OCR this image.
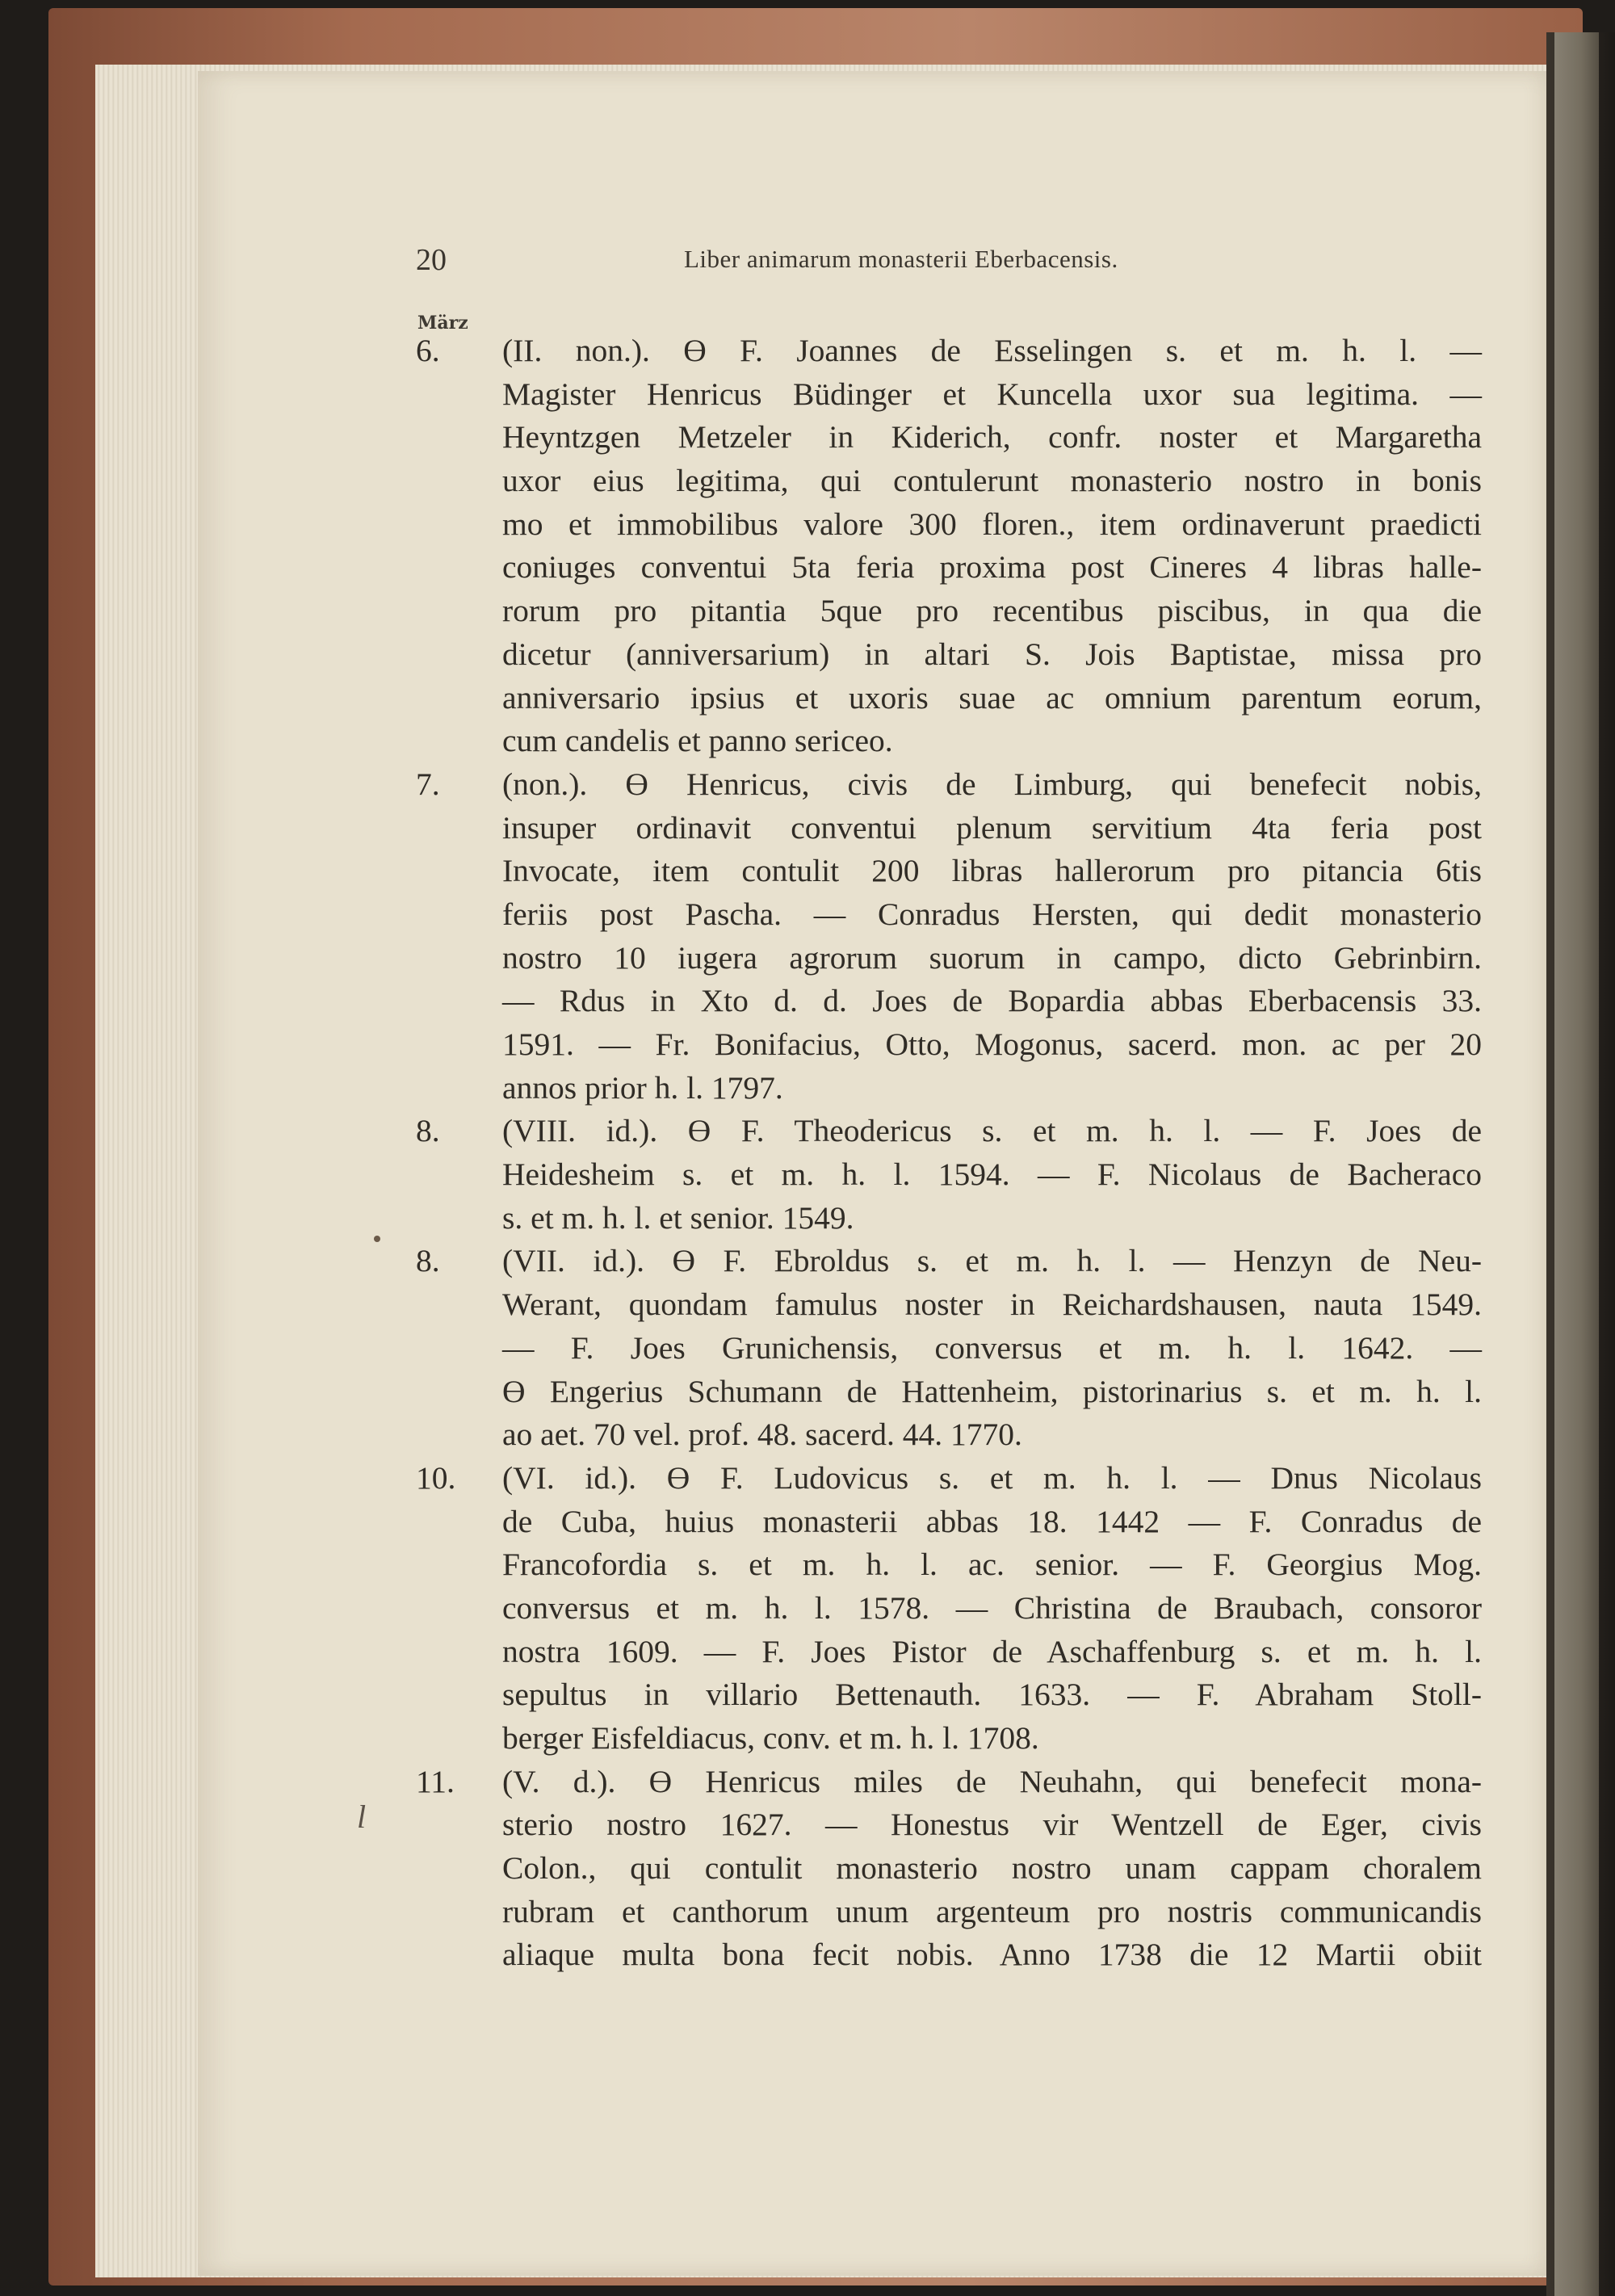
20	Liber animarum monasterii Eberbacensis.
März
6.	(II. non.). ϴ F. Joannes de Esselingen s. et m. h. l. —
Magister Henricus Büdinger et Kuncella uxor sua legitima. —
Heyntzgen Metzeler in Kiderich, confr. noster et Margaretha
uxor eius legitima, qui contulerunt monasterio nostro in bonis
mo et immobilibus valore 300 floren., item ordinaverunt praedicti
coniuges conventui 5ta feria proxima post Cineres 4 libras halle-
rorum pro pitantia 5que pro recentibus piscibus, in qua die
dicetur (anniversarium) in altari S. Jois Baptistae, missa pro
anniversario ipsius et uxoris suae ac omnium parentum eorum,
cum candelis et panno sericeo.
7.	(non.). ϴ Henricus, civis de Limburg, qui benefecit nobis,
insuper ordinavit conventui plenum servitium 4ta feria post
Invocate, item contulit 200 libras hallerorum pro pitancia 6tis
feriis post Pascha. — Conradus Hersten, qui dedit monasterio
nostro 10 iugera agrorum suorum in campo, dicto Gebrinbirn.
— Rdus in Xto d. d. Joes de Bopardia abbas Eberbacensis 33.
1591. — Fr. Bonifacius, Otto, Mogonus, sacerd. mon. ac per 20
annos prior h. l. 1797.
8.	(VIII. id.). ϴ F. Theodericus s. et m. h. l. — F. Joes de
Heidesheim s. et m. h. l. 1594. — F. Nicolaus de Bacheraco
s. et m. h. l. et senior. 1549.
8.	(VII. id.). ϴ F. Ebroldus s. et m. h. l. — Henzyn de Neu-
Werant, quondam famulus noster in Reichardshausen, nauta 1549.
— F. Joes Grunichensis, conversus et m. h. l. 1642. —
ϴ Engerius Schumann de Hattenheim, pistorinarius s. et m. h. l.
ao aet. 70 vel. prof. 48. sacerd. 44. 1770.
10.	(VI. id.). ϴ F. Ludovicus s. et m. h. l. — Dnus Nicolaus
de Cuba, huius monasterii abbas 18. 1442 — F. Conradus de
Francofordia s. et m. h. l. ac. senior. — F. Georgius Mog.
conversus et m. h. l. 1578. — Christina de Braubach, consoror
nostra 1609. — F. Joes Pistor de Aschaffenburg s. et m. h. l.
sepultus in villario Bettenauth. 1633. — F. Abraham Stoll-
berger Eisfeldiacus, conv. et m. h. l. 1708.
11.	(V. d.). ϴ Henricus miles de Neuhahn, qui benefecit mona-
sterio nostro 1627. — Honestus vir Wentzell de Eger, civis
Colon., qui contulit monasterio nostro unam cappam choralem
rubram et canthorum unum argenteum pro nostris communicandis
aliaque multa bona fecit nobis. Anno 1738 die 12 Martii obiit
l
